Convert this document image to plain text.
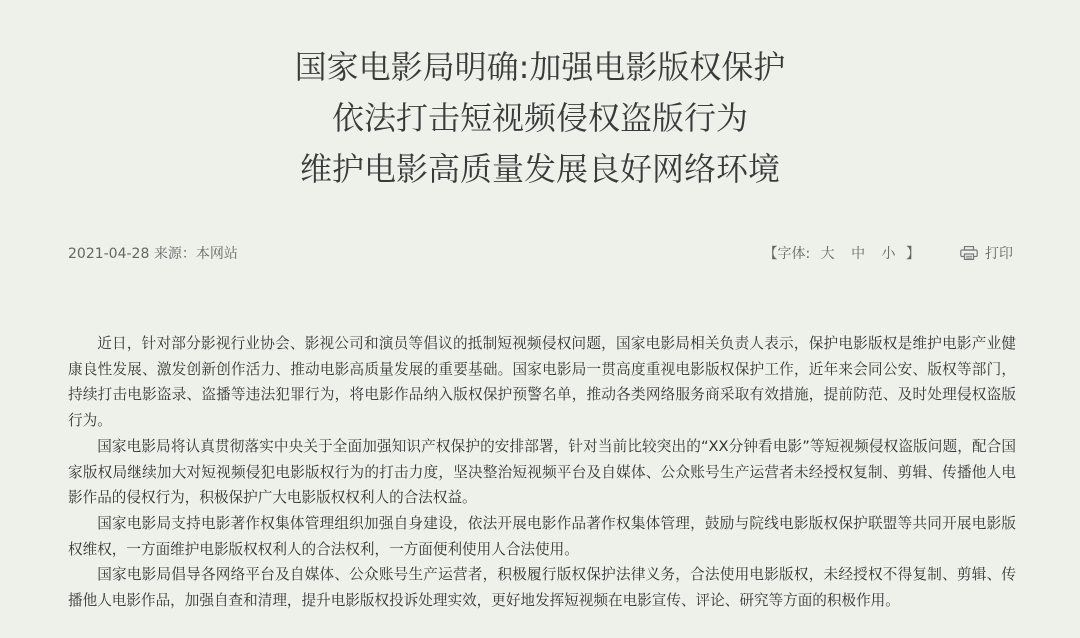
国家电影局明确:加强电影版权保护
依法打击短视频侵权盗版行为
维护电影高质量发展良好网络环境
2021-04-28 来源：本网站	【字体: 大 中 小 】	打印

近日，针对部分影视行业协会、影视公司和演员等倡议的抵制短视频侵权问题，国家电影局相关负责人表示，保护电影版权是维护电影产业健康良性发展、激发创新创作活力、推动电影高质量发展的重要基础。国家电影局一贯高度重视电影版权保护工作，近年来会同公安、版权等部门，持续打击电影盗录、盗播等违法犯罪行为，将电影作品纳入版权保护预警名单，推动各类网络服务商采取有效措施，提前防范、及时处理侵权盗版行为。

国家电影局将认真贯彻落实中央关于全面加强知识产权保护的安排部署，针对当前比较突出的“XX分钟看电影”等短视频侵权盗版问题，配合国家版权局继续加大对短视频侵犯电影版权行为的打击力度，坚决整治短视频平台及自媒体、公众账号生产运营者未经授权复制、剪辑、传播他人电影作品的侵权行为，积极保护广大电影版权权利人的合法权益。

国家电影局支持电影著作权集体管理组织加强自身建设，依法开展电影作品著作权集体管理，鼓励与院线电影版权保护联盟等共同开展电影版权维权，一方面维护电影版权权利人的合法权利，一方面便利使用人合法使用。

国家电影局倡导各网络平台及自媒体、公众账号生产运营者，积极履行版权保护法律义务，合法使用电影版权，未经授权不得复制、剪辑、传播他人电影作品，加强自查和清理，提升电影版权投诉处理实效，更好地发挥短视频在电影宣传、评论、研究等方面的积极作用。
